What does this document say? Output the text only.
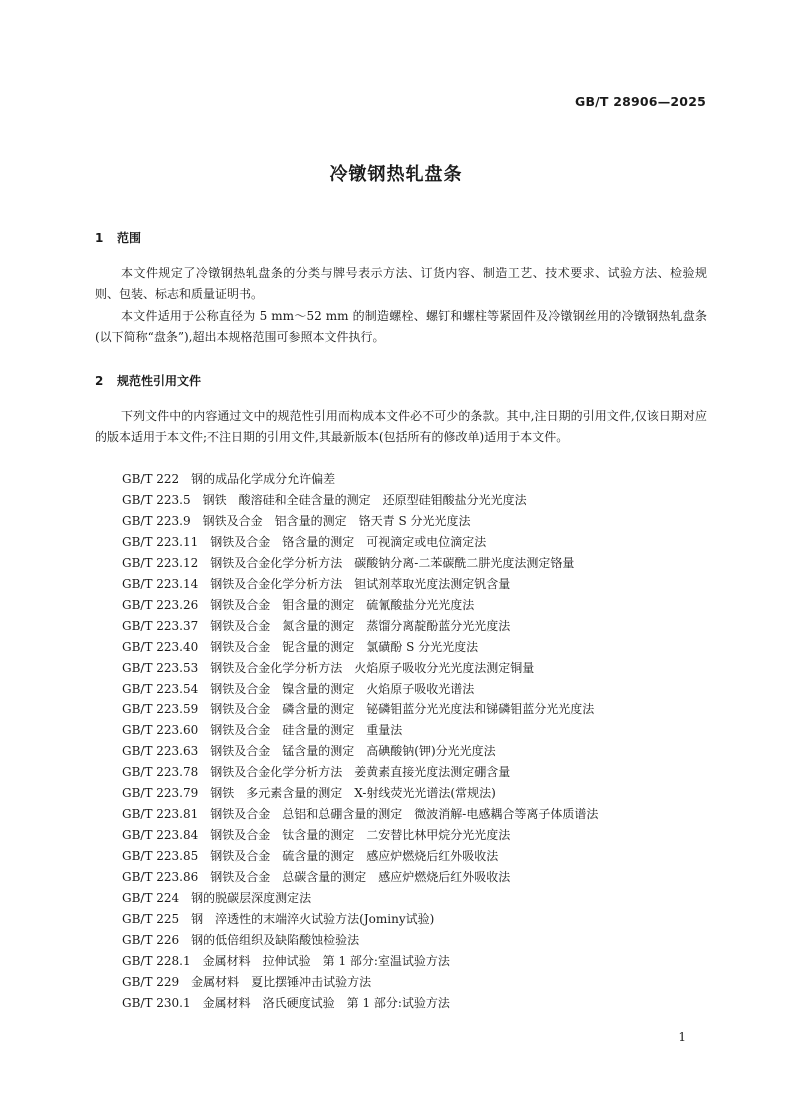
GB/T 28906—2025
冷镦钢热轧盘条
1 范围

本文件规定了冷镦钢热轧盘条的分类与牌号表示方法、订货内容、制造工艺、技术要求、试验方法、检验规则、包装、标志和质量证明书。

本文件适用于公称直径为 5 mm～52 mm 的制造螺栓、螺钉和螺柱等紧固件及冷镦钢丝用的冷镦钢热轧盘条(以下简称“盘条”),超出本规格范围可参照本文件执行。

2 规范性引用文件

下列文件中的内容通过文中的规范性引用而构成本文件必不可少的条款。其中,注日期的引用文件,仅该日期对应的版本适用于本文件;不注日期的引用文件,其最新版本(包括所有的修改单)适用于本文件。

GB/T 222 钢的成品化学成分允许偏差
GB/T 223.5 钢铁　酸溶硅和全硅含量的测定　还原型硅钼酸盐分光光度法
GB/T 223.9 钢铁及合金　铝含量的测定　铬天青 S 分光光度法
GB/T 223.11 钢铁及合金　铬含量的测定　可视滴定或电位滴定法
GB/T 223.12 钢铁及合金化学分析方法　碳酸钠分离-二苯碳酰二肼光度法测定铬量
GB/T 223.14 钢铁及合金化学分析方法　钽试剂萃取光度法测定钒含量
GB/T 223.26 钢铁及合金　钼含量的测定　硫氰酸盐分光光度法
GB/T 223.37 钢铁及合金　氮含量的测定　蒸馏分离靛酚蓝分光光度法
GB/T 223.40 钢铁及合金　铌含量的测定　氯磺酚 S 分光光度法
GB/T 223.53 钢铁及合金化学分析方法　火焰原子吸收分光光度法测定铜量
GB/T 223.54 钢铁及合金　镍含量的测定　火焰原子吸收光谱法
GB/T 223.59 钢铁及合金　磷含量的测定　铋磷钼蓝分光光度法和锑磷钼蓝分光光度法
GB/T 223.60 钢铁及合金　硅含量的测定　重量法
GB/T 223.63 钢铁及合金　锰含量的测定　高碘酸钠(钾)分光光度法
GB/T 223.78 钢铁及合金化学分析方法　姜黄素直接光度法测定硼含量
GB/T 223.79 钢铁　多元素含量的测定　X-射线荧光光谱法(常规法)
GB/T 223.81 钢铁及合金　总铝和总硼含量的测定　微波消解-电感耦合等离子体质谱法
GB/T 223.84 钢铁及合金　钛含量的测定　二安替比林甲烷分光光度法
GB/T 223.85 钢铁及合金　硫含量的测定　感应炉燃烧后红外吸收法
GB/T 223.86 钢铁及合金　总碳含量的测定　感应炉燃烧后红外吸收法
GB/T 224 钢的脱碳层深度测定法
GB/T 225 钢　淬透性的末端淬火试验方法(Jominy试验)
GB/T 226 钢的低倍组织及缺陷酸蚀检验法
GB/T 228.1 金属材料　拉伸试验　第 1 部分:室温试验方法
GB/T 229 金属材料　夏比摆锤冲击试验方法
GB/T 230.1 金属材料　洛氏硬度试验　第 1 部分:试验方法
1
